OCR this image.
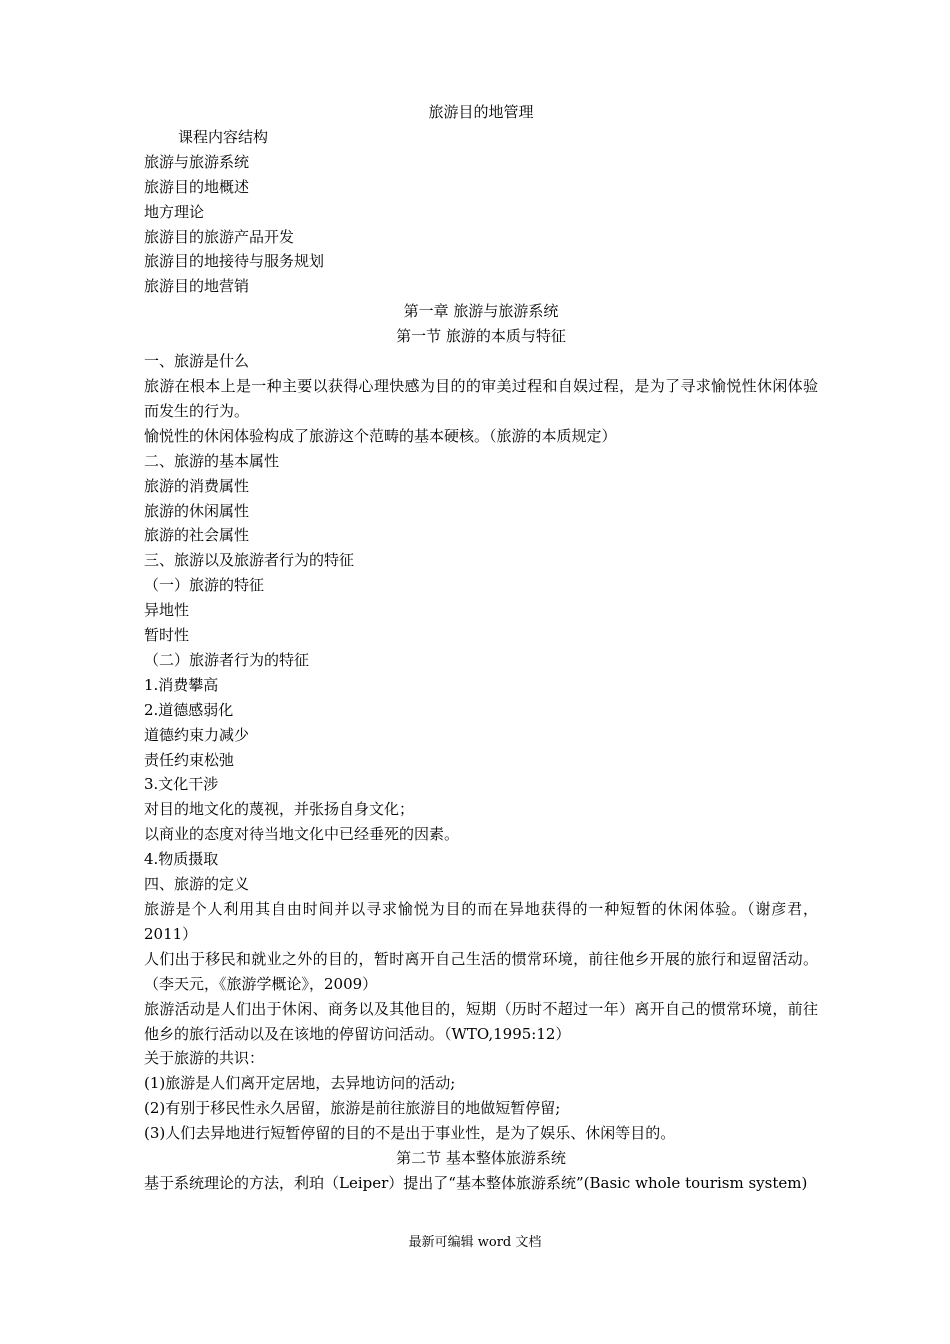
旅游目的地管理

课程内容结构

旅游与旅游系统

旅游目的地概述

地方理论

旅游目的旅游产品开发

旅游目的地接待与服务规划

旅游目的地营销

第一章 旅游与旅游系统

第一节 旅游的本质与特征

一、旅游是什么

旅游在根本上是一种主要以获得心理快感为目的的审美过程和自娱过程，是为了寻求愉悦性休闲体验而发生的行为。

愉悦性的休闲体验构成了旅游这个范畴的基本硬核。（旅游的本质规定）

二、旅游的基本属性

旅游的消费属性

旅游的休闲属性

旅游的社会属性

三、旅游以及旅游者行为的特征

（一）旅游的特征

异地性

暂时性

（二）旅游者行为的特征

1.消费攀高

2.道德感弱化

道德约束力减少

责任约束松弛

3.文化干涉

对目的地文化的蔑视，并张扬自身文化；

以商业的态度对待当地文化中已经垂死的因素。

4.物质摄取

四、旅游的定义

旅游是个人利用其自由时间并以寻求愉悦为目的而在异地获得的一种短暂的休闲体验。（谢彦君，2011）

人们出于移民和就业之外的目的，暂时离开自己生活的惯常环境，前往他乡开展的旅行和逗留活动。（李天元，《旅游学概论》，2009）

旅游活动是人们出于休闲、商务以及其他目的，短期（历时不超过一年）离开自己的惯常环境，前往他乡的旅行活动以及在该地的停留访问活动。（WTO,1995:12）

关于旅游的共识：

(1)旅游是人们离开定居地，去异地访问的活动;

(2)有别于移民性永久居留，旅游是前往旅游目的地做短暂停留;

(3)人们去异地进行短暂停留的目的不是出于事业性，是为了娱乐、休闲等目的。

第二节 基本整体旅游系统

基于系统理论的方法，利珀（Leiper）提出了“基本整体旅游系统”(Basic whole tourism system)

最新可编辑 word 文档
